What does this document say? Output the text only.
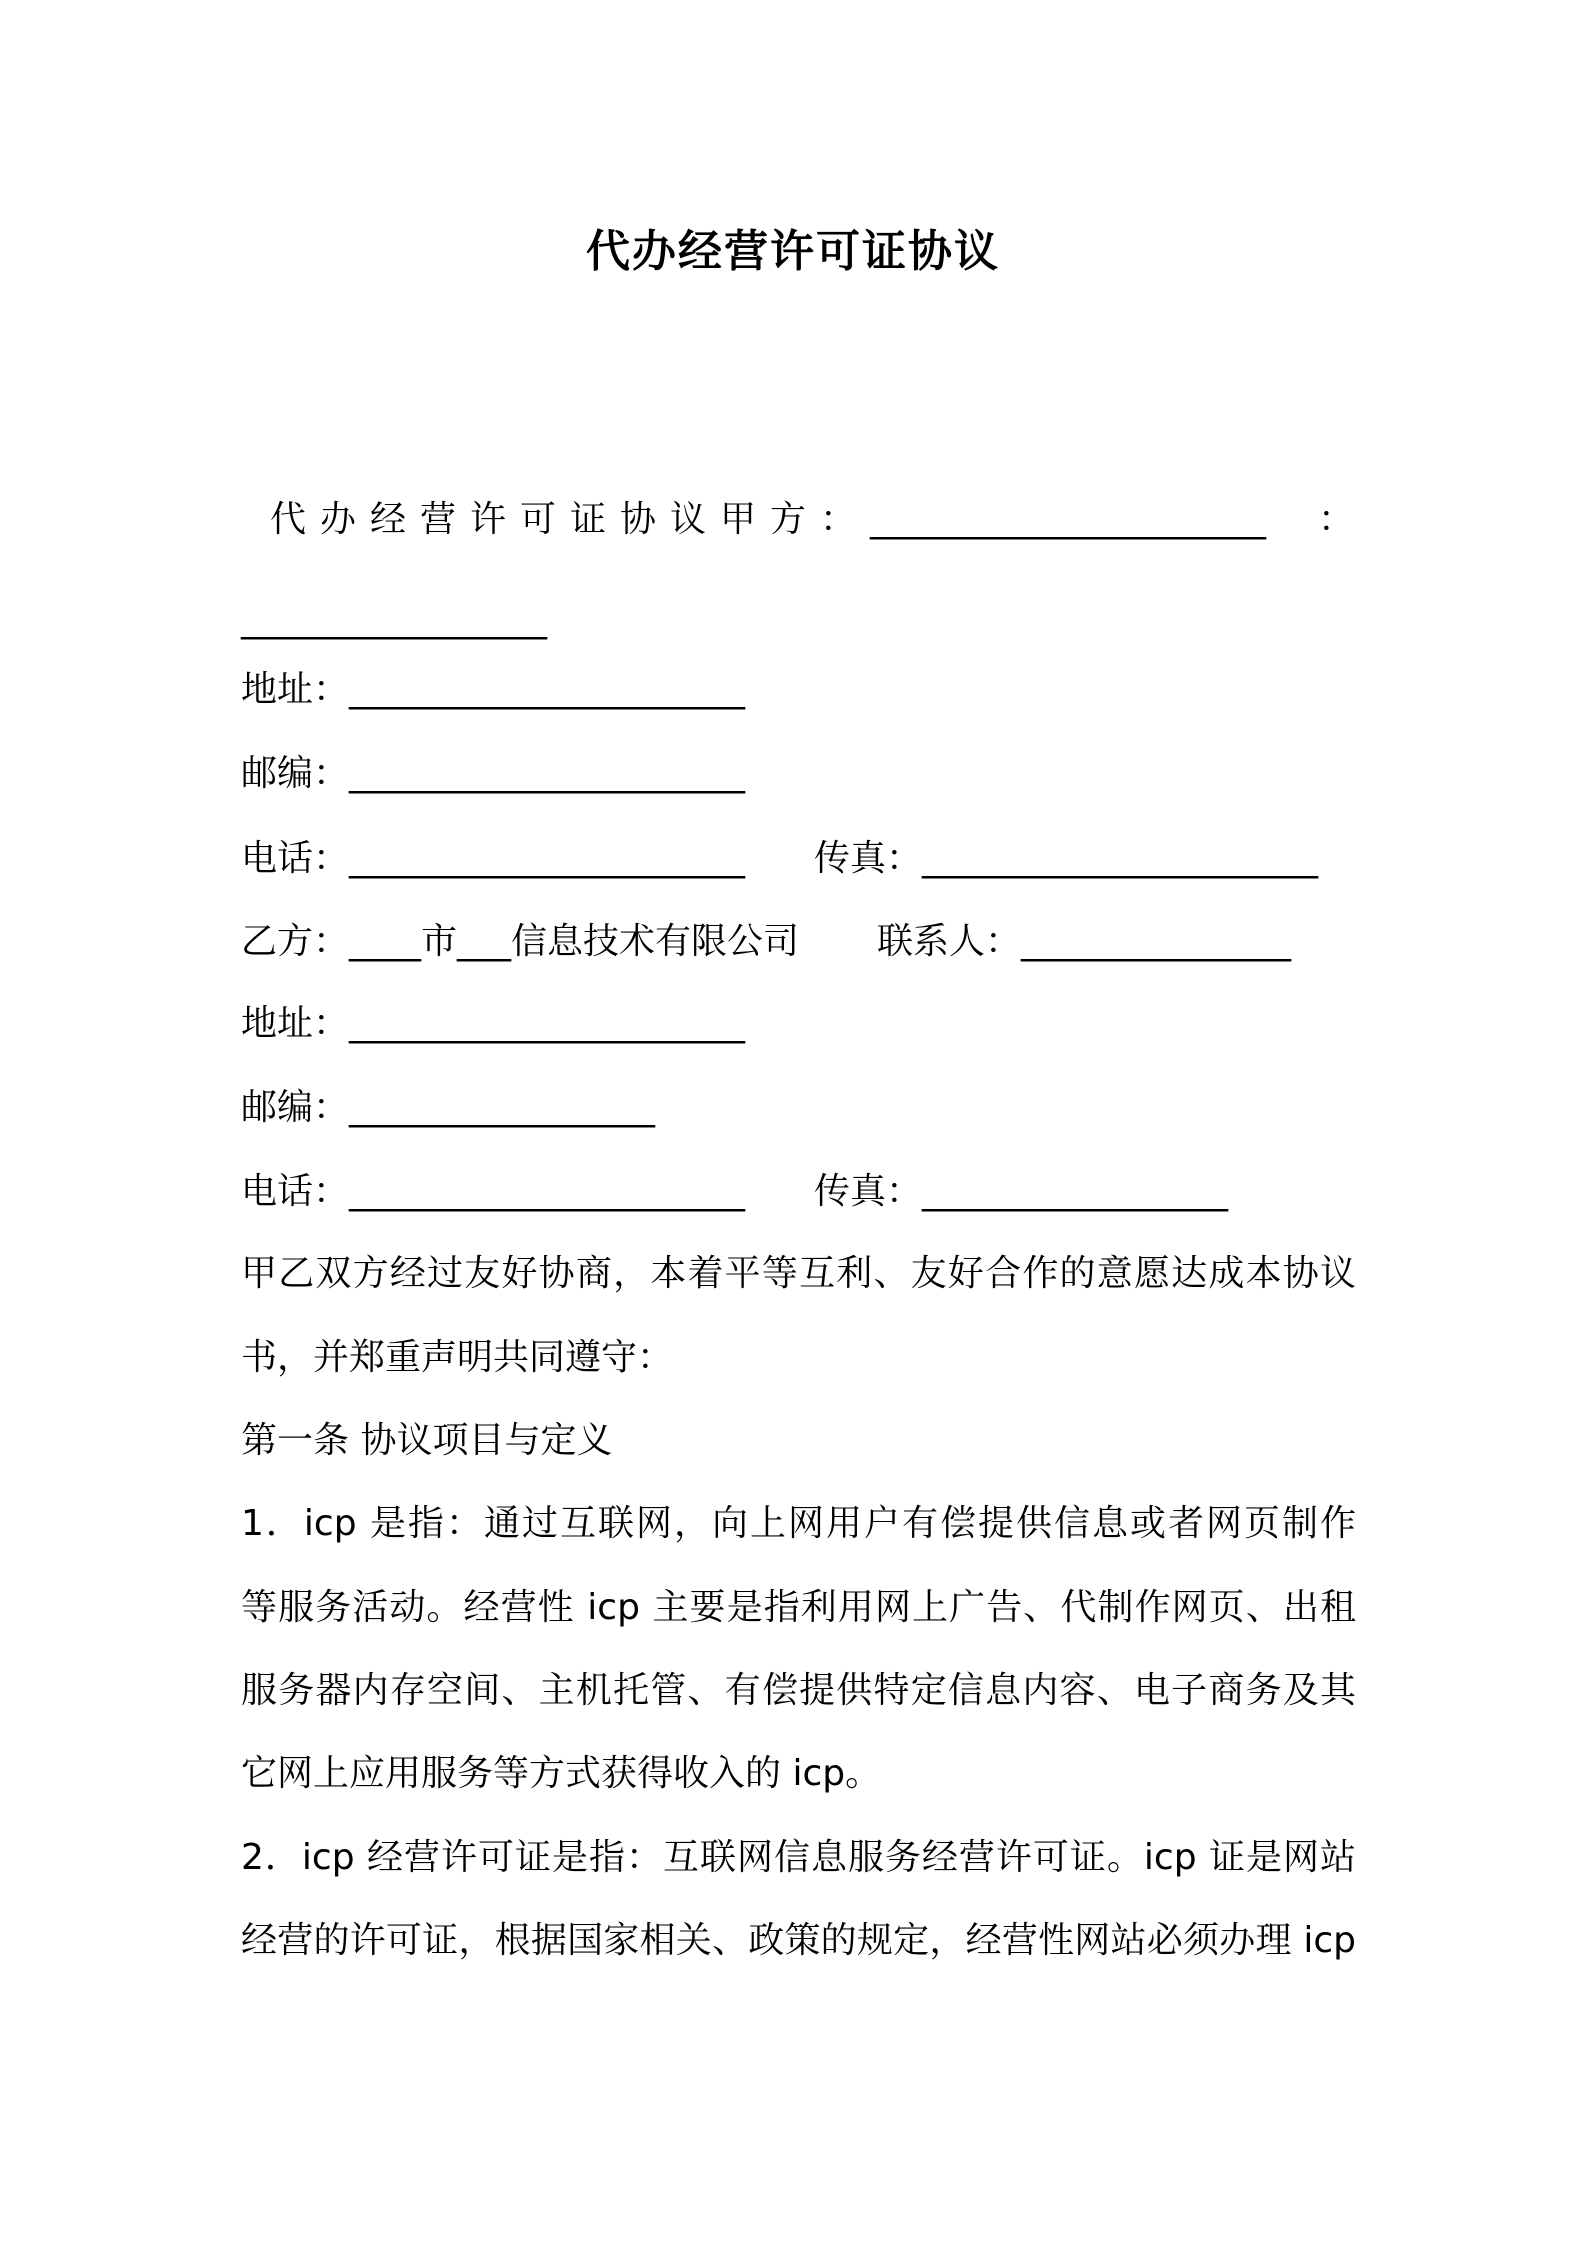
代办经营许可证协议
代办经营许可证协议甲方：______________________ ：
_________________
地址：______________________
邮编：______________________
电话：______________________ 传真：______________________
乙方：____市___信息技术有限公司 联系人：_______________
地址：______________________
邮编：_________________
电话：______________________ 传真：_________________
甲乙双方经过友好协商，本着平等互利、友好合作的意愿达成本协议
书，并郑重声明共同遵守：
第一条 协议项目与定义
1．icp 是指：通过互联网，向上网用户有偿提供信息或者网页制作
等服务活动。经营性 icp 主要是指利用网上广告、代制作网页、出租
服务器内存空间、主机托管、有偿提供特定信息内容、电子商务及其
它网上应用服务等方式获得收入的 icp。
2．icp 经营许可证是指：互联网信息服务经营许可证。icp 证是网站
经营的许可证，根据国家相关、政策的规定，经营性网站必须办理 icp
